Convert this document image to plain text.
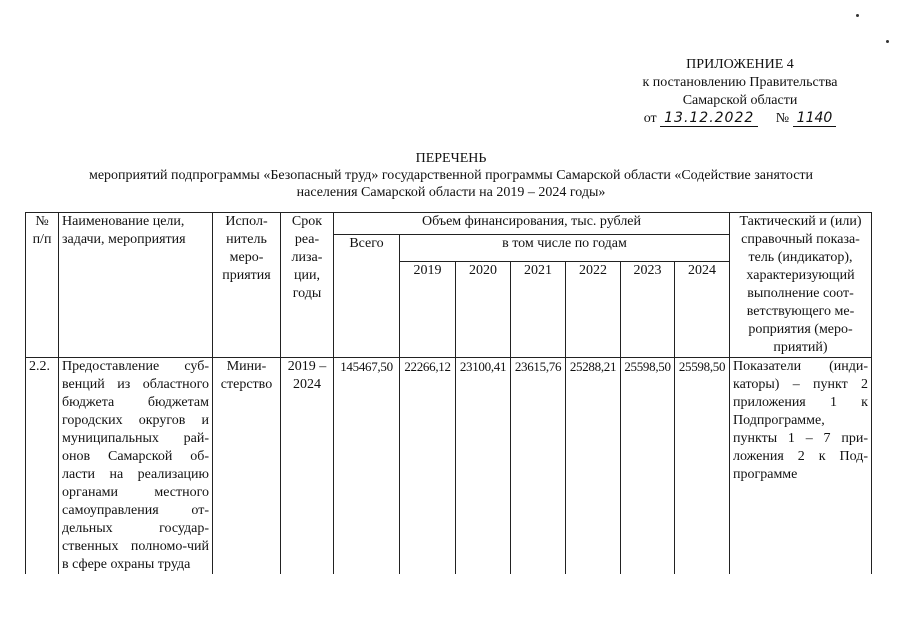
ПРИЛОЖЕНИЕ 4
к постановлению Правительства
Самарской области
от 13.12.2022 № 1140
ПЕРЕЧЕНЬ
мероприятий подпрограммы «Безопасный труд» государственной программы Самарской области «Содействие занятости
населения Самарской области на 2019 – 2024 годы»
№ п/п	Наименование цели, задачи, мероприятия	Испол-нитель меро-приятия	Срок реа-лиза-ции, годы	Объем финансирования, тыс. рублей							Тактический и (или) справочный показа-тель (индикатор), характеризующий выполнение соот-ветствующего ме-роприятия (меро-приятий)
				Всего	в том числе по годам						
					2019	2020	2021	2022	2023	2024	
2.2.	Предоставление суб-венций из областного бюджета бюджетам городских округов и муниципальных рай-онов Самарской об-ласти на реализацию органами местного самоуправления от-дельных государ-ственных полномо-чий в сфере охраны труда	Мини-стерство	2019 – 2024	145467,50	22266,12	23100,41	23615,76	25288,21	25598,50	25598,50	Показатели (инди-каторы) – пункт 2 приложения 1 к Подпрограмме, пункты 1 – 7 при-ложения 2 к Под-программе
